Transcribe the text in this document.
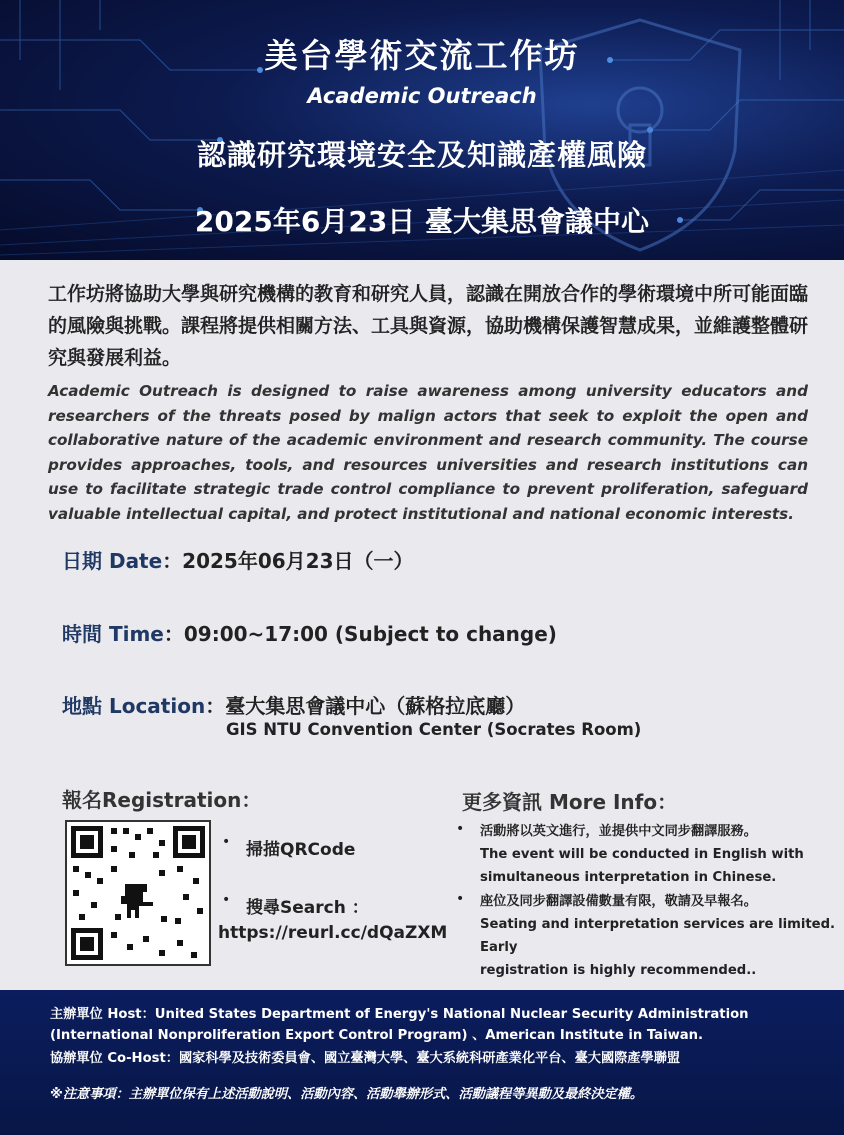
美台學術交流工作坊
Academic Outreach
認識研究環境安全及知識產權風險
2025年6月23日 臺大集思會議中心
工作坊將協助大學與研究機構的教育和研究人員，認識在開放合作的學術環境中所可能面臨的風險與挑戰。課程將提供相關方法、工具與資源，協助機構保護智慧成果，並維護整體研究與發展利益。
Academic Outreach is designed to raise awareness among university educators and researchers of the threats posed by malign actors that seek to exploit the open and collaborative nature of the academic environment and research community. The course provides approaches, tools, and resources universities and research institutions can use to facilitate strategic trade control compliance to prevent proliferation, safeguard valuable intellectual capital, and protect institutional and national economic interests.
日期 Date：2025年06月23日（一）
時間 Time：09:00~17:00 (Subject to change)
地點 Location：臺大集思會議中心（蘇格拉底廳）
GIS NTU Convention Center (Socrates Room)
報名Registration：
• 掃描QRCode
• 搜尋Search ：
https://reurl.cc/dQaZXM
更多資訊 More Info：
• 活動將以英文進行，並提供中文同步翻譯服務。
The event will be conducted in English with
simultaneous interpretation in Chinese.
• 座位及同步翻譯設備數量有限，敬請及早報名。
Seating and interpretation services are limited. Early
registration is highly recommended..
主辦單位 Host：United States Department of Energy's National Nuclear Security Administration (International Nonproliferation Export Control Program) 、American Institute in Taiwan.
協辦單位 Co-Host：國家科學及技術委員會、國立臺灣大學、臺大系統科研產業化平台、臺大國際產學聯盟
※注意事項：主辦單位保有上述活動說明、活動內容、活動舉辦形式、活動議程等異動及最終決定權。
